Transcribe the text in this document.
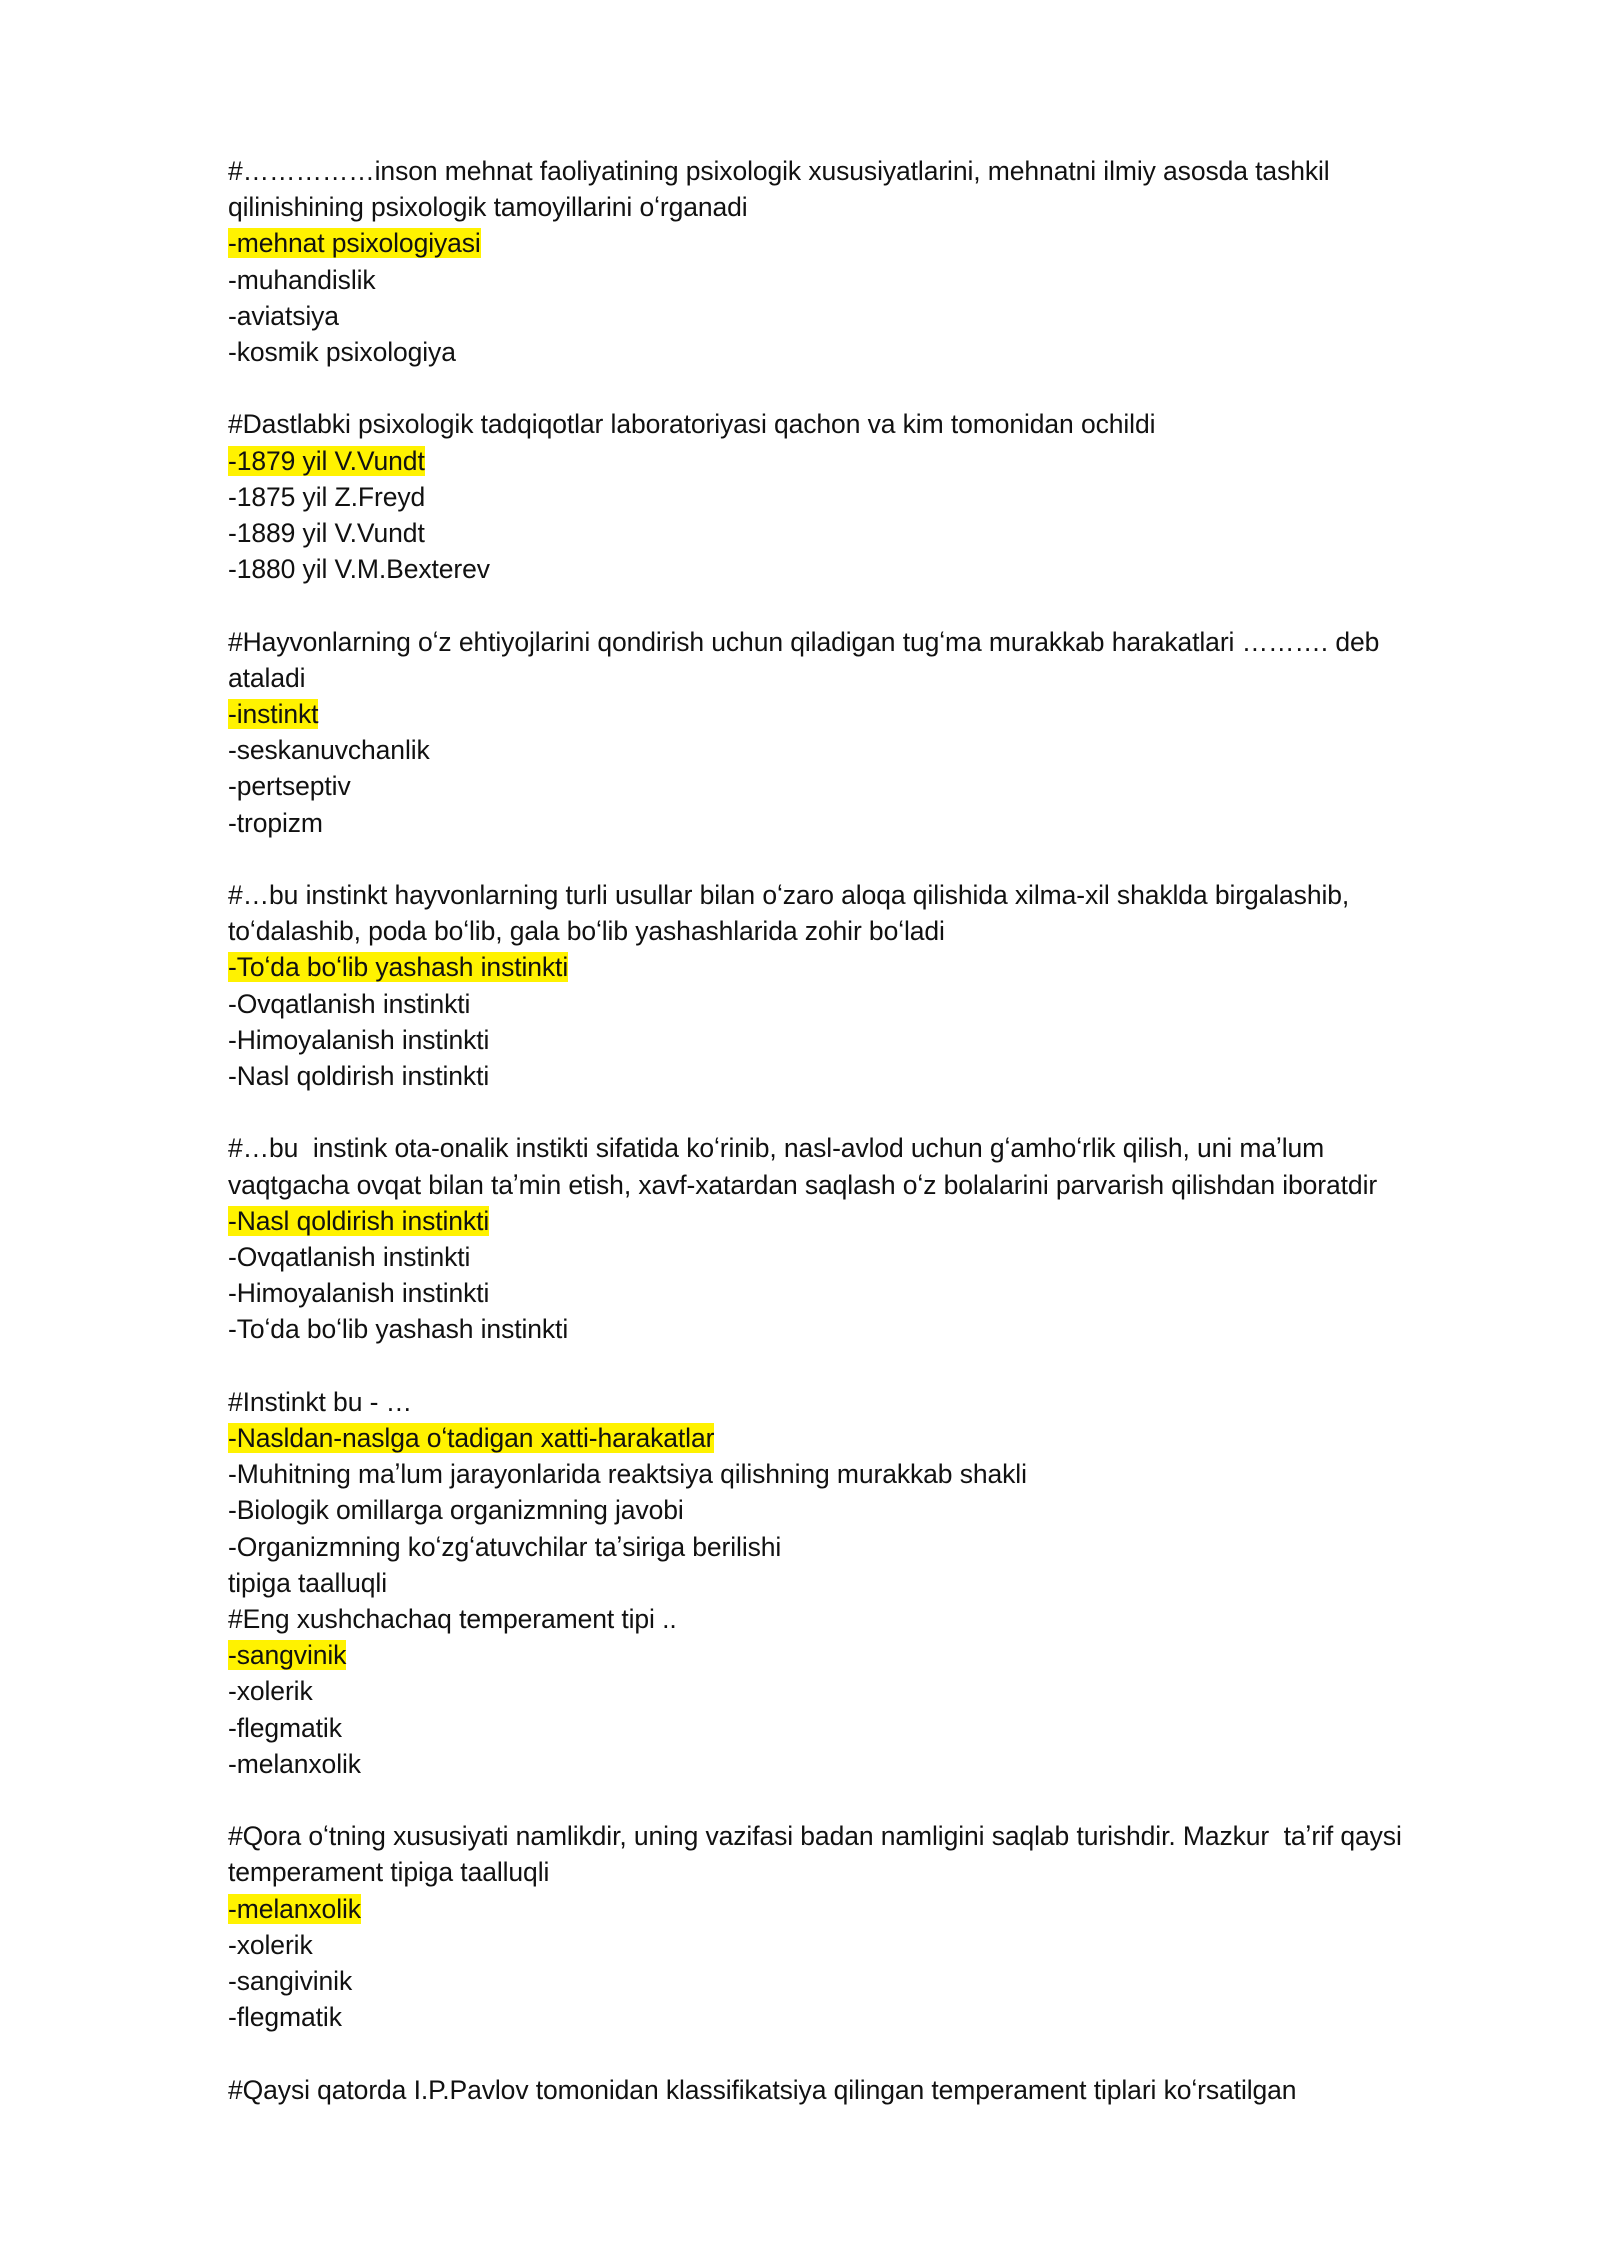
#……………inson mehnat faoliyatining psixologik xususiyatlarini, mehnatni ilmiy asosda tashkil
qilinishining psixologik tamoyillarini oʻrganadi
-mehnat psixologiyasi
-muhandislik
-aviatsiya
-kosmik psixologiya
#Dastlabki psixologik tadqiqotlar laboratoriyasi qachon va kim tomonidan ochildi
-1879 yil V.Vundt
-1875 yil Z.Freyd
-1889 yil V.Vundt
-1880 yil V.M.Bexterev
#Hayvonlarning oʻz ehtiyojlarini qondirish uchun qiladigan tugʻma murakkab harakatlari ………. deb
ataladi
-instinkt
-seskanuvchanlik
-pertseptiv
-tropizm
#…bu instinkt hayvonlarning turli usullar bilan oʻzaro aloqa qilishida xilma-xil shaklda birgalashib,
toʻdalashib, poda boʻlib, gala boʻlib yashashlarida zohir boʻladi
-Toʻda boʻlib yashash instinkti
-Ovqatlanish instinkti
-Himoyalanish instinkti
-Nasl qoldirish instinkti
#…bu  instink ota-onalik instikti sifatida koʻrinib, nasl-avlod uchun gʻamhoʻrlik qilish, uni maʼlum
vaqtgacha ovqat bilan taʼmin etish, xavf-xatardan saqlash oʻz bolalarini parvarish qilishdan iboratdir
-Nasl qoldirish instinkti
-Ovqatlanish instinkti
-Himoyalanish instinkti
-Toʻda boʻlib yashash instinkti
#Instinkt bu - …
-Nasldan-naslga oʻtadigan xatti-harakatlar
-Muhitning maʼlum jarayonlarida reaktsiya qilishning murakkab shakli
-Biologik omillarga organizmning javobi
-Organizmning koʻzgʻatuvchilar taʼsiriga berilishi
tipiga taalluqli
#Eng xushchachaq temperament tipi ..
-sangvinik
-xolerik
-flegmatik
-melanxolik
#Qora oʻtning xususiyati namlikdir, uning vazifasi badan namligini saqlab turishdir. Mazkur  taʼrif qaysi
temperament tipiga taalluqli
-melanxolik
-xolerik
-sangivinik
-flegmatik
#Qaysi qatorda I.P.Pavlov tomonidan klassifikatsiya qilingan temperament tiplari koʻrsatilgan
